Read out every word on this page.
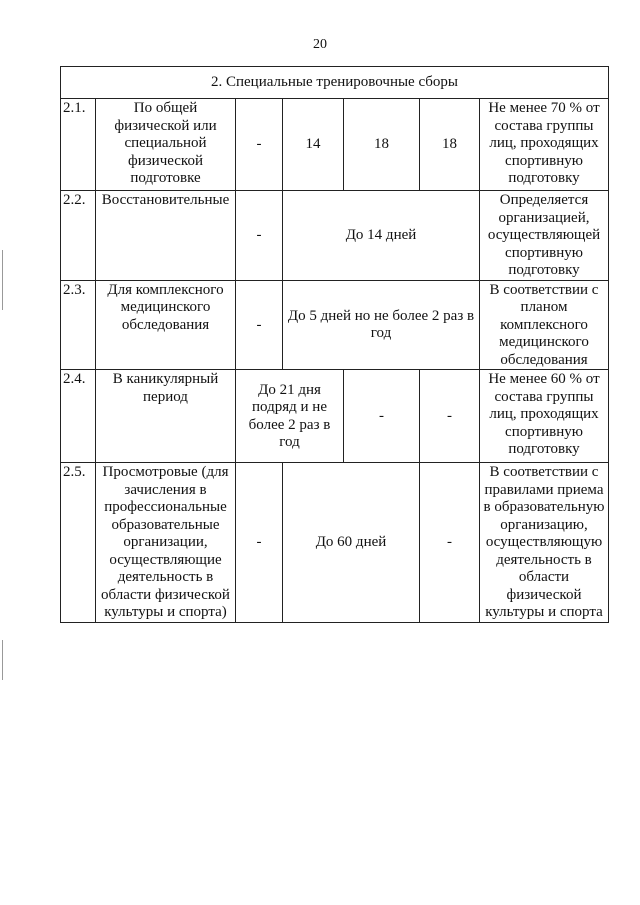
20
2. Специальные тренировочные сборы						
2.1.	По общей физической или специальной физической подготовке	-	14	18	18	Не менее 70 % от состава группы лиц, проходящих спортивную подготовку
2.2.	Восстановительные	-	До 14 дней			Определяется организацией, осуществляющей спортивную подготовку
2.3.	Для комплексного медицинского обследования	-	До 5 дней но не более 2 раз в год			В соответствии с планом комплексного медицинского обследования
2.4.	В каникулярный период	До 21 дня подряд и не более 2 раз в год		-	-	Не менее 60 % от состава группы лиц, проходящих спортивную подготовку
2.5.	Просмотровые (для зачисления в профессиональные образовательные организации, осуществляющие деятельность в области физической культуры и спорта)	-	До 60 дней		-	В соответствии с правилами приема в образовательную организацию, осуществляющую деятельность в области физической культуры и спорта
